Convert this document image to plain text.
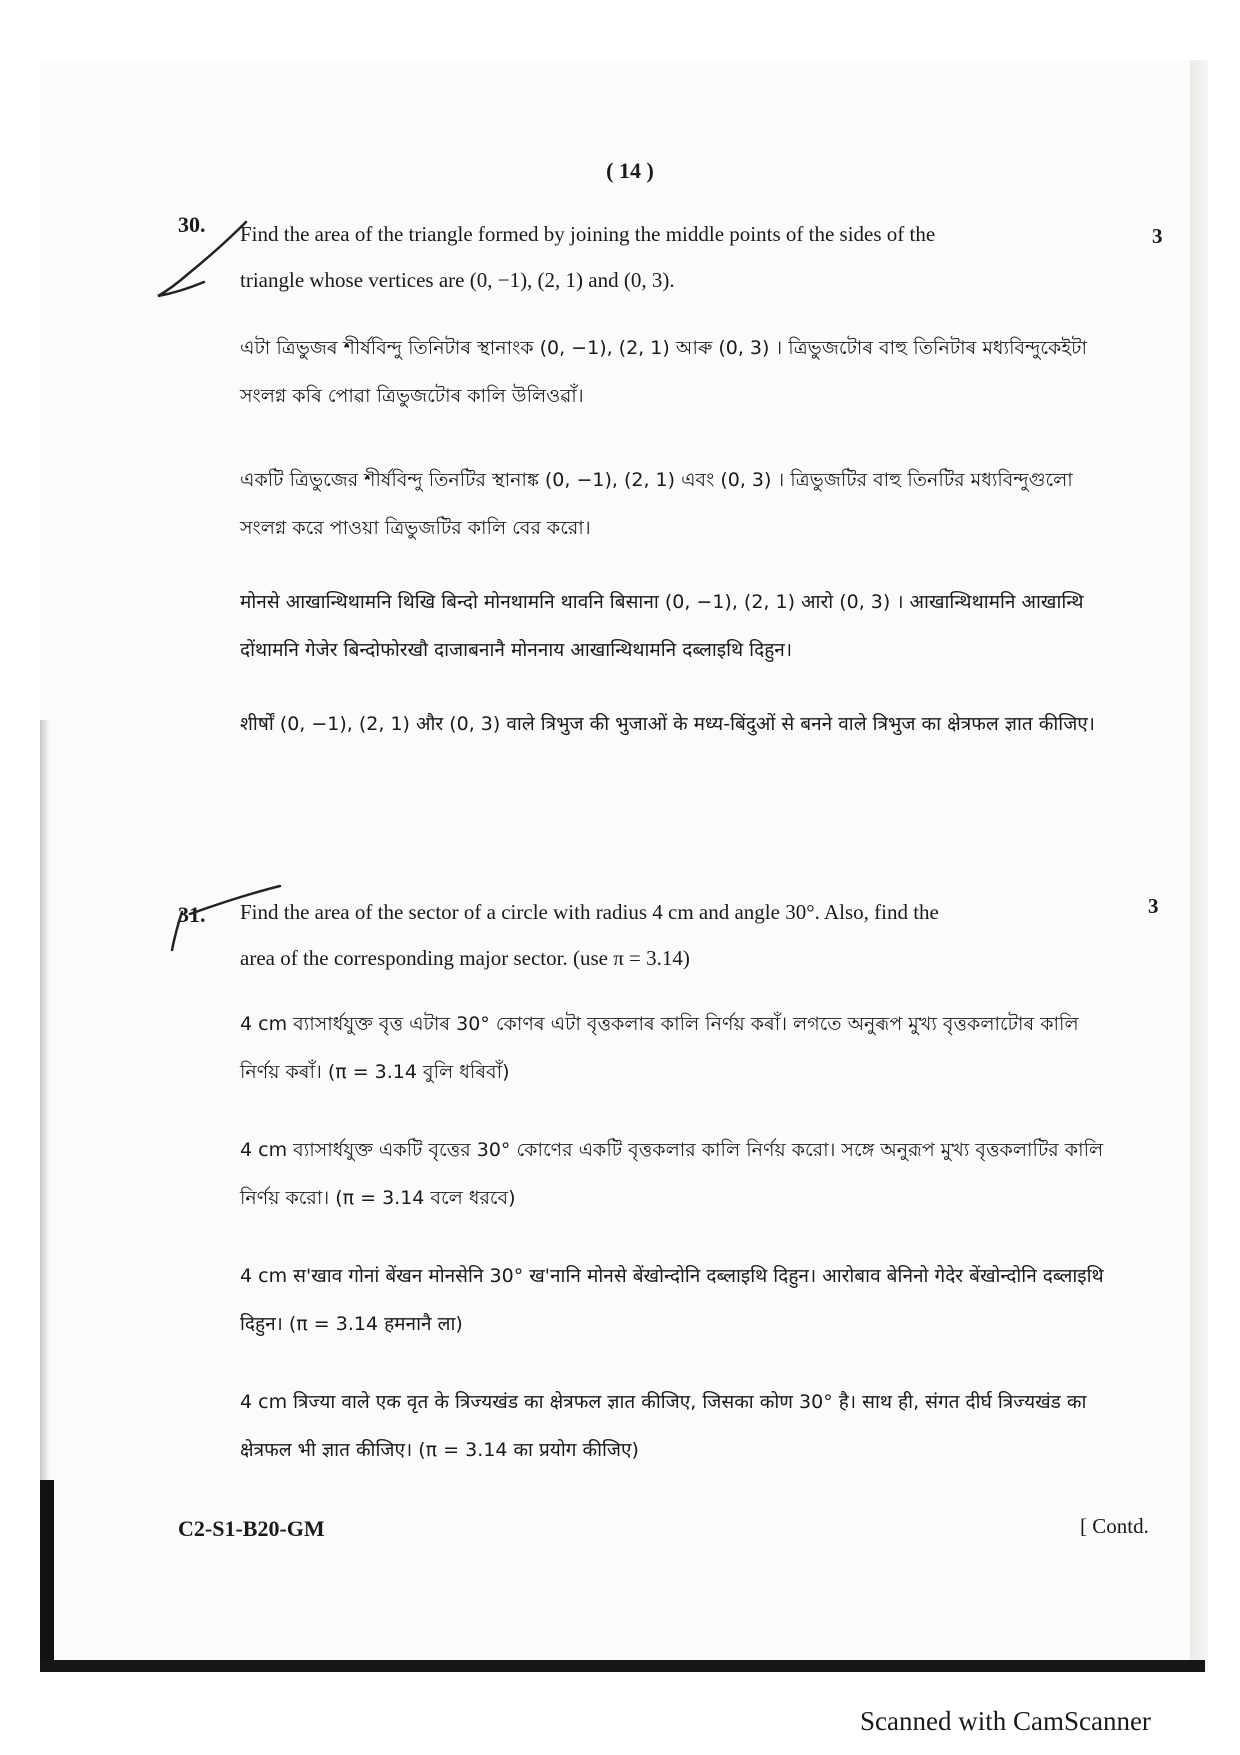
( 14 )
30.	3
Find the area of the triangle formed by joining the middle points of the sides of the
triangle whose vertices are (0, −1), (2, 1) and (0, 3).
এটা ত্ৰিভুজৰ শীৰ্ষবিন্দু তিনিটাৰ স্থানাংক (0, −1), (2, 1) আৰু (0, 3) । ত্ৰিভুজটোৰ বাহু তিনিটাৰ মধ্যবিন্দুকেইটা সংলগ্ন কৰি পোৱা ত্ৰিভুজটোৰ কালি উলিওৱাঁ।
একটি ত্রিভুজের শীর্ষবিন্দু তিনটির স্থানাঙ্ক (0, −1), (2, 1) এবং (0, 3) । ত্রিভুজটির বাহু তিনটির মধ্যবিন্দুগুলো সংলগ্ন করে পাওয়া ত্রিভুজটির কালি বের করো।
मोनसे आखान्थिथामनि थिखि बिन्दो मोनथामनि थावनि बिसाना (0, −1), (2, 1) आरो (0, 3) । आखान्थिथामनि आखान्थि दोंथामनि गेजेर बिन्दोफोरखौ दाजाबनानै मोननाय आखान्थिथामनि दब्लाइथि दिहुन।
शीर्षों (0, −1), (2, 1) और (0, 3) वाले त्रिभुज की भुजाओं के मध्य-बिंदुओं से बनने वाले त्रिभुज का क्षेत्रफल ज्ञात कीजिए।
31.	3
Find the area of the sector of a circle with radius 4 cm and angle 30°. Also, find the
area of the corresponding major sector. (use π = 3.14)
4 cm ব্যাসাৰ্ধযুক্ত বৃত্ত এটাৰ 30° কোণৰ এটা বৃত্তকলাৰ কালি নিৰ্ণয় কৰাঁ। লগতে অনুৰূপ মুখ্য বৃত্তকলাটোৰ কালি নিৰ্ণয় কৰাঁ। (π = 3.14 বুলি ধৰিবাঁ)
4 cm ব্যাসার্ধযুক্ত একটি বৃত্তের 30° কোণের একটি বৃত্তকলার কালি নির্ণয় করো। সঙ্গে অনুরূপ মুখ্য বৃত্তকলাটির কালি নির্ণয় করো। (π = 3.14 বলে ধরবে)
4 cm स'खाव गोनां बेंखन मोनसेनि 30° ख'नानि मोनसे बेंखोन्दोनि दब्लाइथि दिहुन। आरोबाव बेनिनो गेदेर बेंखोन्दोनि दब्लाइथि दिहुन। (π = 3.14 हमनानै ला)
4 cm त्रिज्या वाले एक वृत के त्रिज्यखंड का क्षेत्रफल ज्ञात कीजिए, जिसका कोण 30° है। साथ ही, संगत दीर्घ त्रिज्यखंड का क्षेत्रफल भी ज्ञात कीजिए। (π = 3.14 का प्रयोग कीजिए)
C2-S1-B20-GM	[ Contd.
Scanned with CamScanner
